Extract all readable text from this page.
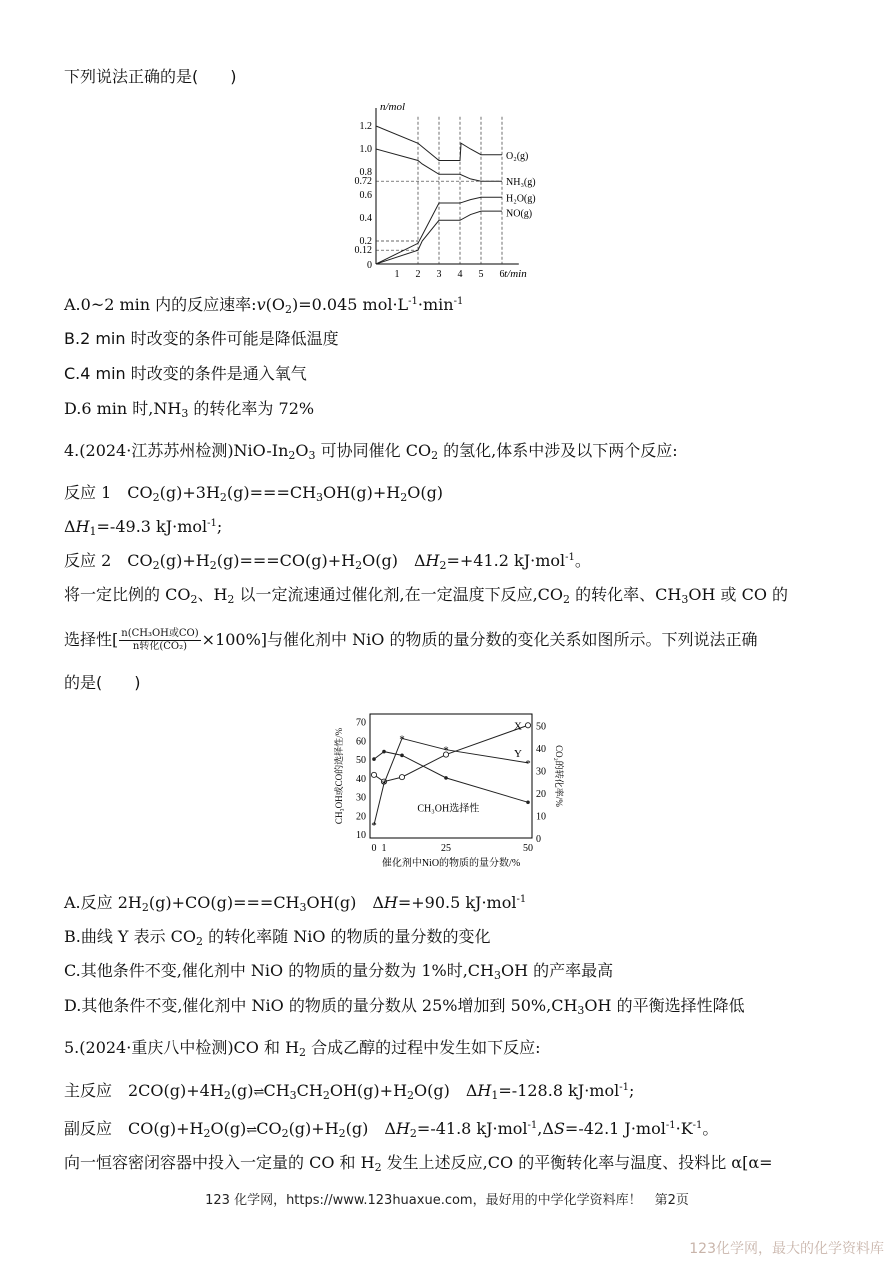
下列说法正确的是(　　)
n/mol
t/min
0
1 2 3 4 5 6
0.12
0.2
0.4
0.6
0.72
0.8
1.0
1.2
O₂(g)
NH₃(g)
H₂O(g)
NO(g)
A.0~2 min 内的反应速率$:v(O_2)=0.045$ $mol\cdot L^{-1}\cdot\min^{-1}$
B.2 min 时改变的条件可能是降低温度
C.4 min 时改变的条件是通入氧气
D.6 min 时$,NH_3$ 的转化率为 72%
4.(2024·江苏苏州检测)$NiO-In_2O_3$ 可协同催化 $CO_2$ 的氢化,体系中涉及以下两个反应:
反应 1　$CO_2(g)+3H_2(g)===CH_3OH(g)+H_2O(g)$
$\Delta H_1=-49.3$ kJ·mol$^{-1}$;
反应 2　$CO_2(g)+H_2(g)===CO(g)+H_2O(g)$　$\Delta H_2=+41.2$ kJ·mol$^{-1}$。
将一定比例的 $CO_2$、$H_2$ 以一定流速通过催化剂,在一定温度下反应$,CO_2$ 的转化率、$CH_3OH$ 或 CO 的
选择性[ n(CH₃OH或CO)
n转化(CO₂) ×100%]与催化剂中 NiO 的物质的量分数的变化关系如图所示。下列说法正确
的是(　　)
10
20
30
40
50
60
70
0
10
20
30
40
50
0 1	25	50
催化剂中NiO的物质的量分数/%
CH₃OH或CO的选择性/%	CO₂的转化率/%
CH₃OH选择性
X
*
*
*
*
*
Y
A.反应 $2H_2(g)+CO(g)===CH_3OH(g)$　ΔH=+90.5 kJ·mol$^{-1}$
B.曲线 Y 表示 $CO_2$ 的转化率随 NiO 的物质的量分数的变化
C.其他条件不变,催化剂中 NiO 的物质的量分数为 1%时$,CH_3OH$ 的产率最高
D.其他条件不变,催化剂中 NiO 的物质的量分数从 25%增加到 $50\%,CH_3OH$ 的平衡选择性降低
5.(2024·重庆八中检测)CO 和 $H_2$ 合成乙醇的过程中发生如下反应:
主反应　$2CO(g)+4H_2(g)\rightleftharpoons CH_3CH_2OH(g)+H_2O(g)$　$\Delta H_1=-128.8$ kJ·mol$^{-1}$;
副反应　$CO(g)+H_2O(g)\rightleftharpoons CO_2(g)+H_2(g)$　$\Delta H_2=-41.8$ kJ·mol$^{-1}$,ΔS=-42.1 $J\cdot mol^{-1}\cdot K^{-1}$。
向一恒容密闭容器中投入一定量的 CO 和 $H_2$ 发生上述反应,CO 的平衡转化率与温度、投料比 α[α=
123 化学网，https://www.123huaxue.com，最好用的中学化学资料库！　第2页
123化学网，最大的化学资料库
